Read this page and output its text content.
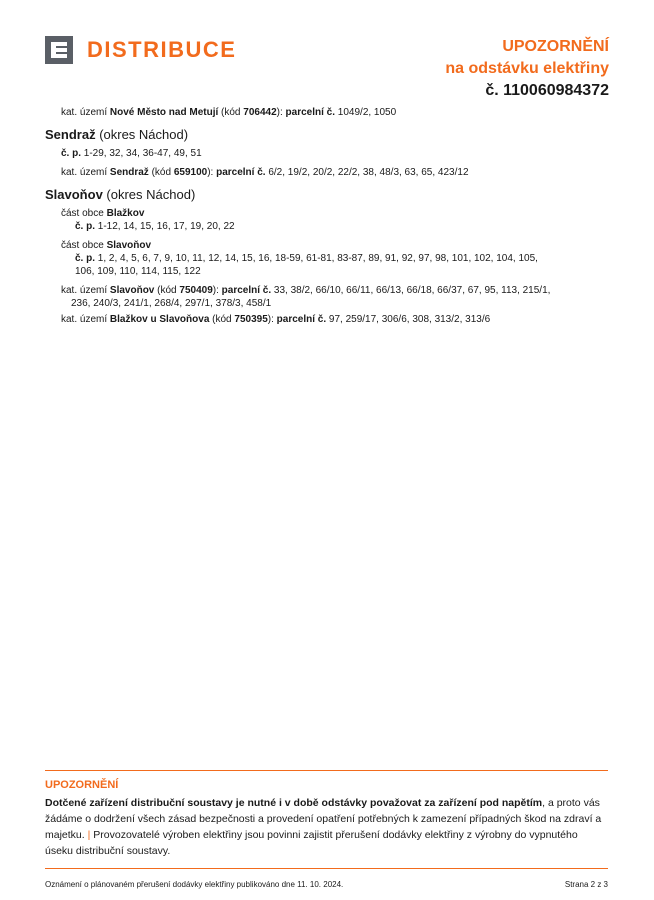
DISTRIBUCE	UPOZORNĚNÍ
na odstávku elektřiny
č. 110060984372

kat. území Nové Město nad Metují (kód 706442): parcelní č. 1049/2, 1050

Sendraž (okres Náchod)

č. p. 1-29, 32, 34, 36-47, 49, 51

kat. území Sendraž (kód 659100): parcelní č. 6/2, 19/2, 20/2, 22/2, 38, 48/3, 63, 65, 423/12

Slavoňov (okres Náchod)

část obce Blažkov

č. p. 1-12, 14, 15, 16, 17, 19, 20, 22

část obce Slavoňov

č. p. 1, 2, 4, 5, 6, 7, 9, 10, 11, 12, 14, 15, 16, 18-59, 61-81, 83-87, 89, 91, 92, 97, 98, 101, 102, 104, 105,

106, 109, 110, 114, 115, 122

kat. území Slavoňov (kód 750409): parcelní č. 33, 38/2, 66/10, 66/11, 66/13, 66/18, 66/37, 67, 95, 113, 215/1,

236, 240/3, 241/1, 268/4, 297/1, 378/3, 458/1

kat. území Blažkov u Slavoňova (kód 750395): parcelní č. 97, 259/17, 306/6, 308, 313/2, 313/6

UPOZORNĚNÍ
Dotčené zařízení distribuční soustavy je nutné i v době odstávky považovat za zařízení pod napětím, a proto vás žádáme o dodržení všech zásad bezpečnosti a provedení opatření potřebných k zamezení případných škod na zdraví a majetku. | Provozovatelé výroben elektřiny jsou povinni zajistit přerušení dodávky elektřiny z výrobny do vypnutého úseku distribuční soustavy.
Oznámení o plánovaném přerušení dodávky elektřiny publikováno dne 11. 10. 2024.	Strana 2 z 3
